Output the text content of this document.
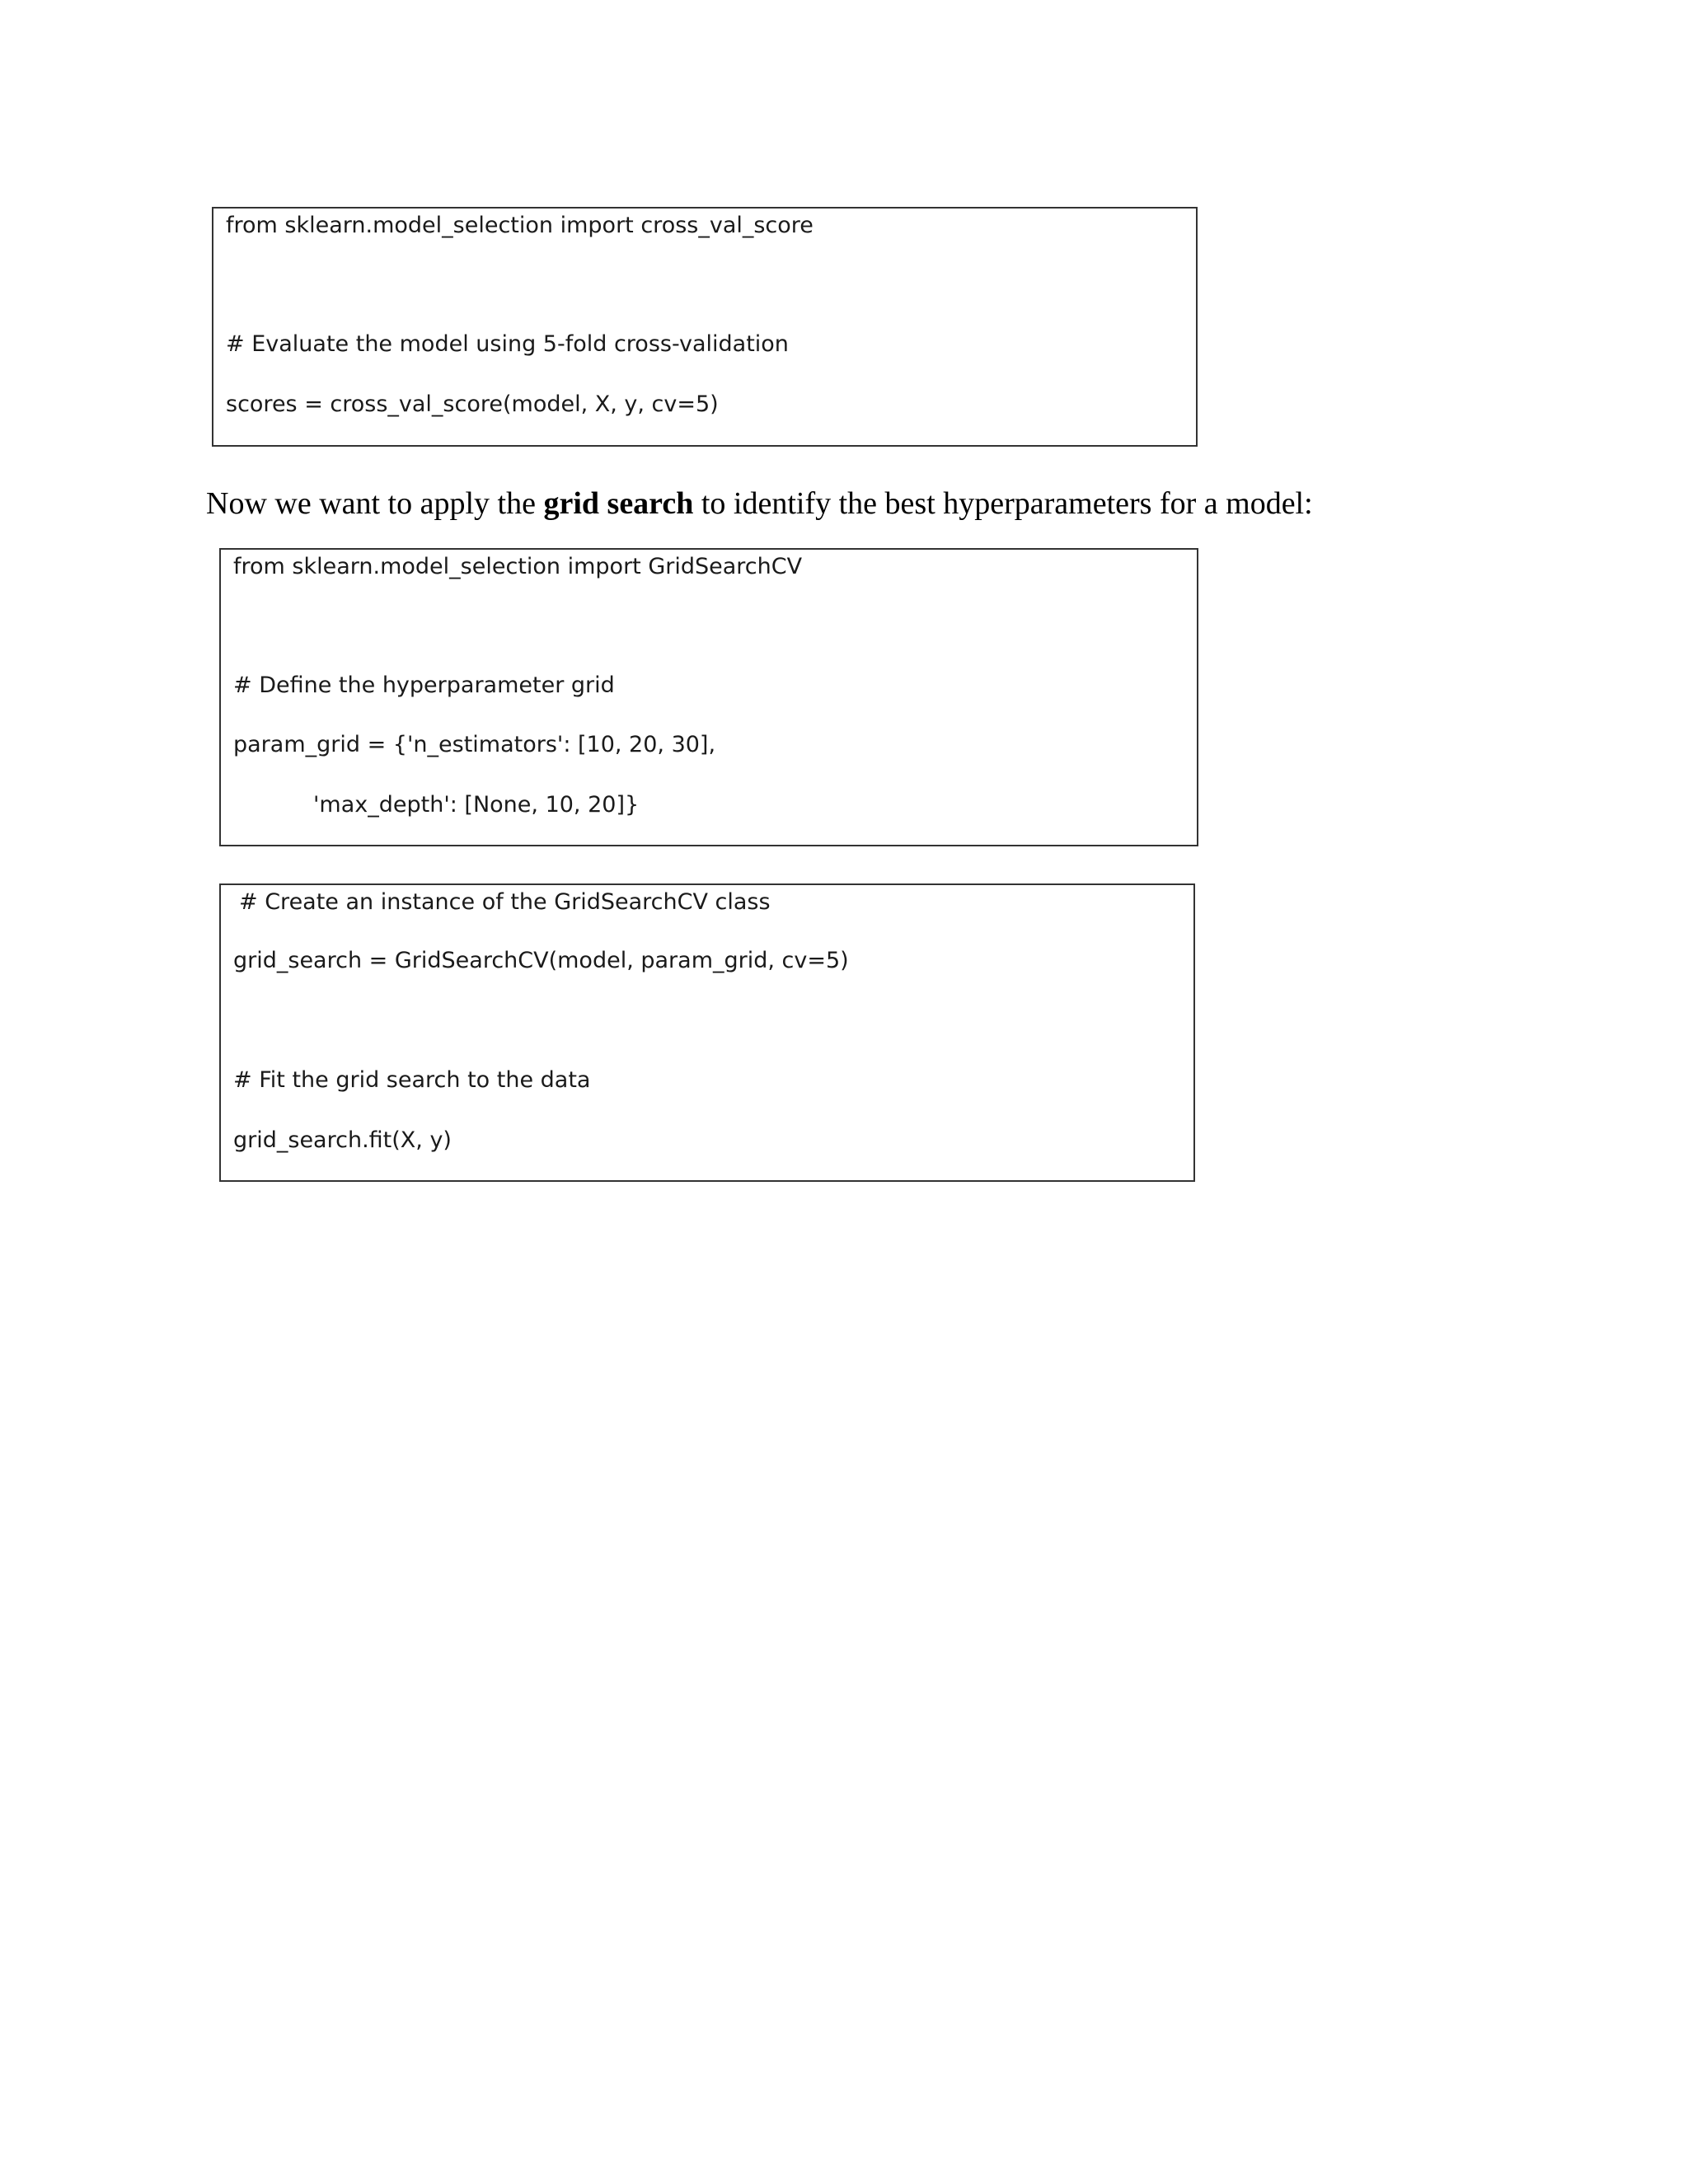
from sklearn.model_selection import cross_val_score
# Evaluate the model using 5-fold cross-validation
scores = cross_val_score(model, X, y, cv=5)
Now we want to apply the grid search to identify the best hyperparameters for a model:
from sklearn.model_selection import GridSearchCV
# Define the hyperparameter grid
param_grid = {'n_estimators': [10, 20, 30],
'max_depth': [None, 10, 20]}
# Create an instance of the GridSearchCV class
grid_search = GridSearchCV(model, param_grid, cv=5)
# Fit the grid search to the data
grid_search.fit(X, y)
